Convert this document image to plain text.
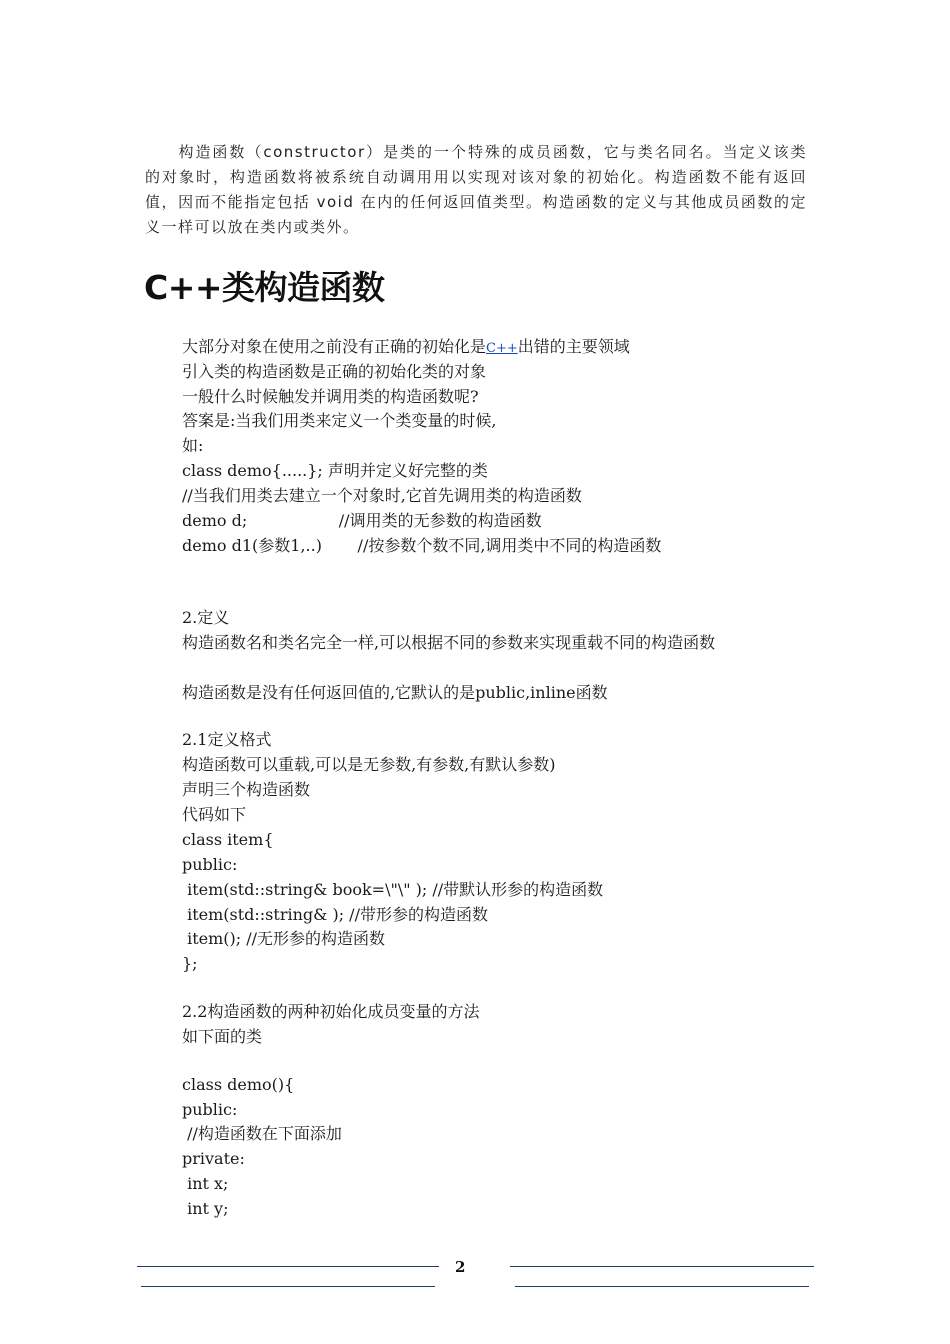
构造函数（constructor）是类的一个特殊的成员函数，它与类名同名。当定义该类的对象时，构造函数将被系统自动调用用以实现对该对象的初始化。构造函数不能有返回值，因而不能指定包括 void 在内的任何返回值类型。构造函数的定义与其他成员函数的定义一样可以放在类内或类外。

C++类构造函数
大部分对象在使用之前没有正确的初始化是C++出错的主要领域
引入类的构造函数是正确的初始化类的对象
一般什么时候触发并调用类的构造函数呢?
答案是:当我们用类来定义一个类变量的时候,
如:
class demo{.....}; 声明并定义好完整的类
//当我们用类去建立一个对象时,它首先调用类的构造函数
demo d;                  //调用类的无参数的构造函数
demo d1(参数1,..)       //按参数个数不同,调用类中不同的构造函数
2.定义
构造函数名和类名完全一样,可以根据不同的参数来实现重载不同的构造函数
构造函数是没有任何返回值的,它默认的是public,inline函数
2.1定义格式
构造函数可以重载,可以是无参数,有参数,有默认参数)
声明三个构造函数
代码如下
class item{
public:
item(std::string& book=\"\" ); //带默认形参的构造函数
item(std::string& ); //带形参的构造函数
item(); //无形参的构造函数
};
2.2构造函数的两种初始化成员变量的方法
如下面的类
class demo(){
public:
//构造函数在下面添加
private:
int x;
int y;
2
